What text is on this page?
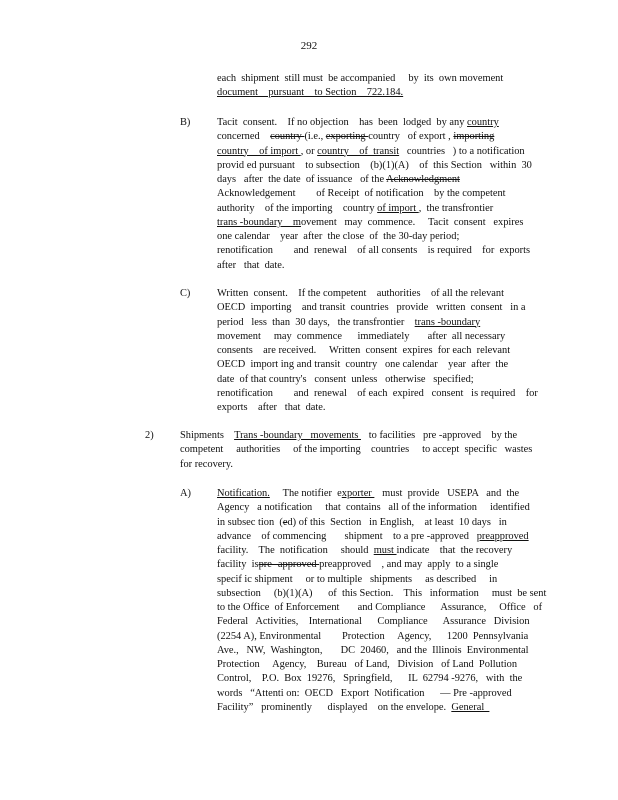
292
each  shipment  still must  be accompanied     by  its  own movement
document    pursuant    to Section    722.184.
B)	Tacit  consent.    If no objection    has  been  lodged  by any country
concerned    country (i.e., exporting country   of export , importing
country    of import , or country    of  transit   countries   ) to a notification
provid ed pursuant    to subsection    (b)(1)(A)    of  this Section   within  30
days   after  the date  of issuance   of the Acknowledgment
Acknowledgement        of Receipt  of notification    by the competent
authority    of the importing    country of import ,  the transfrontier
trans -boundary    movement   may  commence.     Tacit  consent   expires
one calendar    year  after  the close  of  the 30-day period;
renotification        and  renewal    of all consents    is required    for  exports
after   that  date.
C)	Written  consent.    If the competent    authorities    of all the relevant
OECD  importing    and transit  countries   provide   written  consent   in a
period   less  than  30 days,   the transfrontier    trans -boundary
movement     may  commence      immediately       after  all necessary
consents    are received.     Written  consent  expires  for each  relevant
OECD  import ing and transit  country   one calendar    year  after  the
date  of that country's   consent  unless   otherwise   specified;
renotification        and  renewal    of each  expired   consent   is required    for
exports    after   that  date.
2)	Shipments    Trans -boundary   movements    to facilities   pre -approved    by the
competent     authorities     of the importing    countries     to accept  specific   wastes
for recovery.
A)	Notification.     The notifier  exporter    must  provide   USEPA   and  the
Agency   a notification     that  contains   all of the information     identified
in subsec tion  (ed) of this  Section   in English,    at least  10 days   in
advance    of commencing       shipment    to a pre -approved   preapproved
facility.    The  notification     should  must indicate    that  the recovery
facility  ispre -approved preapproved    , and may  apply  to a single
specif ic shipment     or to multiple   shipments     as described     in
subsection     (b)(1)(A)      of  this Section.    This   information     must  be sent
to the Office  of Enforcement       and Compliance      Assurance,     Office   of
Federal   Activities,    International      Compliance      Assurance   Division
(2254 A), Environmental        Protection     Agency,      1200  Pennsylvania
Ave.,   NW,  Washington,       DC  20460,   and the  Illinois  Environmental
Protection     Agency,    Bureau   of Land,   Division   of Land  Pollution
Control,    P.O.  Box  19276,   Springfield,      IL  62794 -9276,   with  the
words   “Attenti on:  OECD   Export  Notification      — Pre -approved
Facility”   prominently      displayed    on the envelope.  General
